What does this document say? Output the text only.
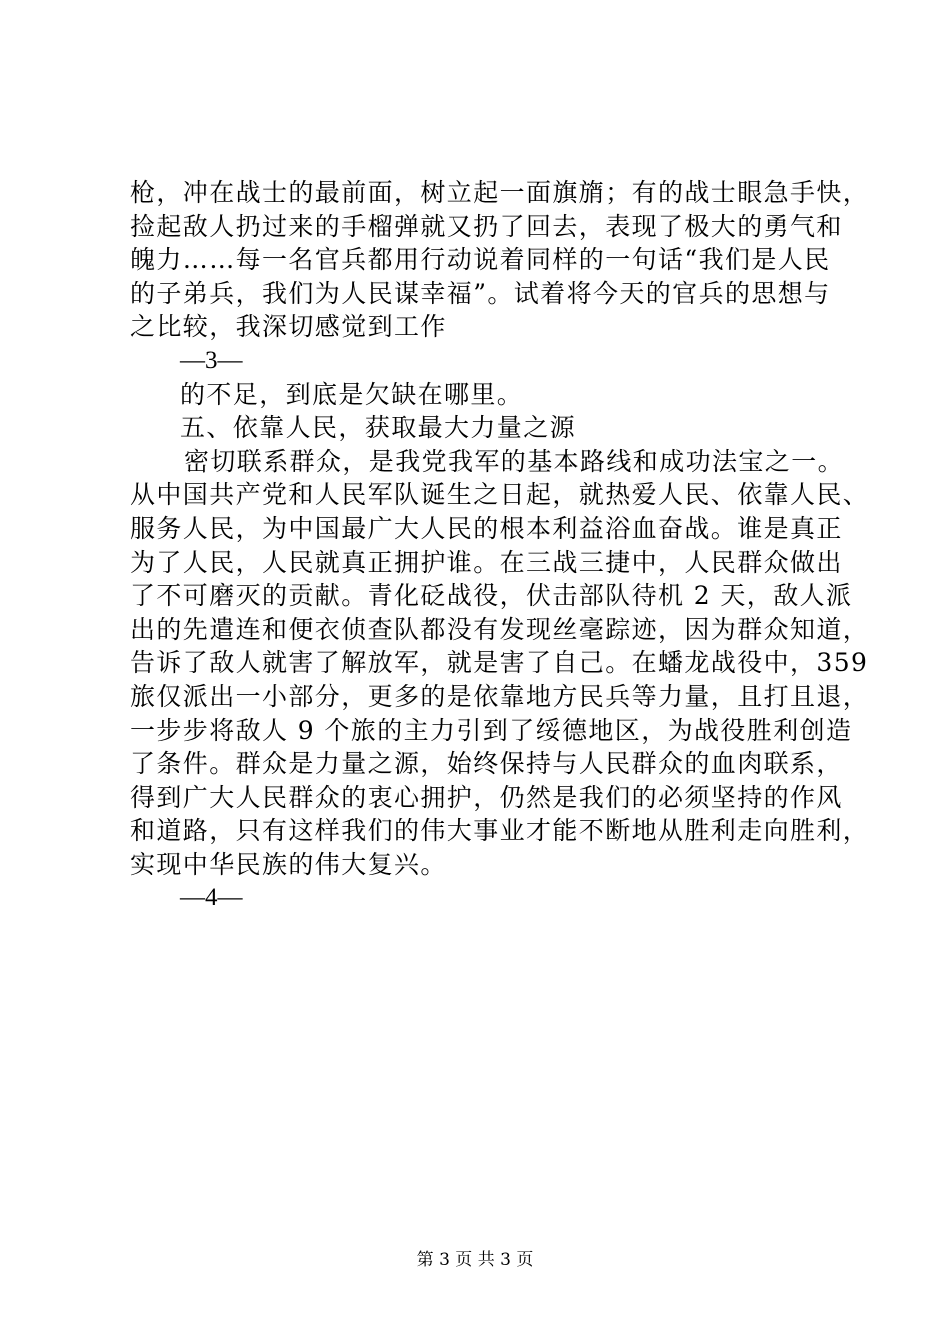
枪，冲在战士的最前面，树立起一面旗旓；有的战士眼急手快，
捡起敌人扔过来的手榴弹就又扔了回去，表现了极大的勇气和
魄力……每一名官兵都用行动说着同样的一句话“我们是人民
的子弟兵，我们为人民谋幸福”。试着将今天的官兵的思想与
之比较，我深切感觉到工作
—3—
的不足，到底是欠缺在哪里。
五、依靠人民，获取最大力量之源
密切联系群众，是我党我军的基本路线和成功法宝之一。
从中国共产党和人民军队诞生之日起，就热爱人民、依靠人民、
服务人民，为中国最广大人民的根本利益浴血奋战。谁是真正
为了人民，人民就真正拥护谁。在三战三捷中，人民群众做出
了不可磨灭的贡献。青化砭战役，伏击部队待机 2 天，敌人派
出的先遣连和便衣侦查队都没有发现丝毫踪迹，因为群众知道，
告诉了敌人就害了解放军，就是害了自己。在蟠龙战役中，359
旅仅派出一小部分，更多的是依靠地方民兵等力量，且打且退，
一步步将敌人 9 个旅的主力引到了绥德地区，为战役胜利创造
了条件。群众是力量之源，始终保持与人民群众的血肉联系，
得到广大人民群众的衷心拥护，仍然是我们的必须坚持的作风
和道路，只有这样我们的伟大事业才能不断地从胜利走向胜利，
实现中华民族的伟大复兴。
—4—
第 3 页 共 3 页
